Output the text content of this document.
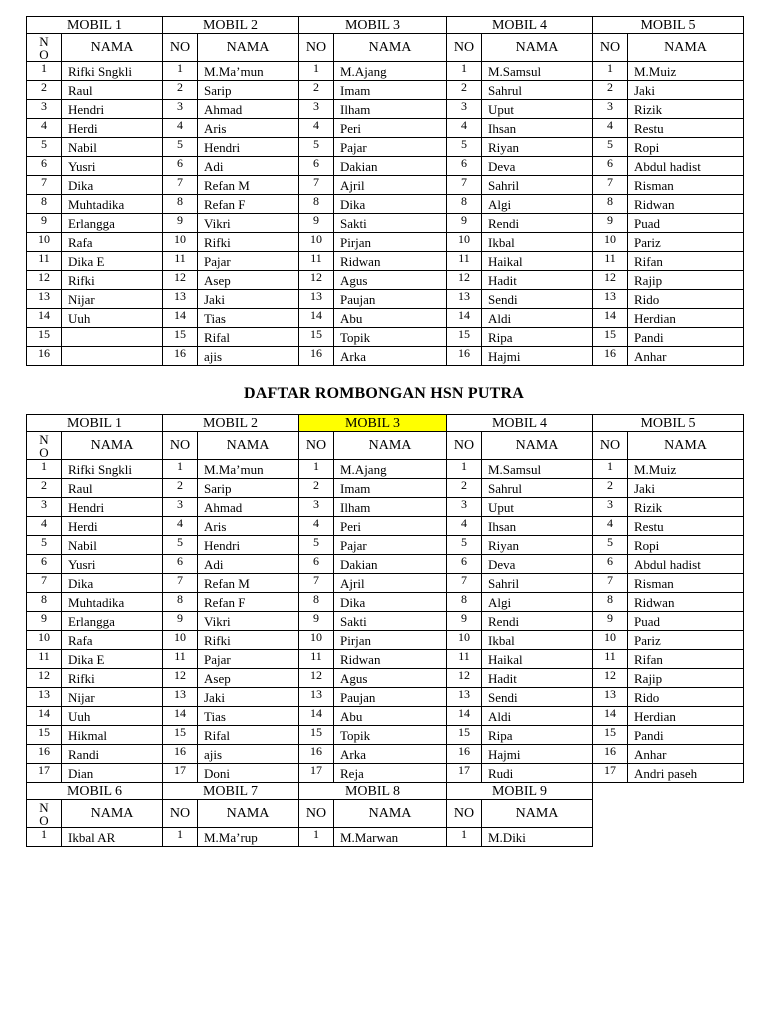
MOBIL 1		MOBIL 2		MOBIL 3		MOBIL 4		MOBIL 5	

N
O	NAMA	NO	NAMA	NO	NAMA	NO	NAMA	NO	NAMA
1	Rifki Sngkli	1	M.Ma’mun	1	M.Ajang	1	M.Samsul	1	M.Muiz
2	Raul	2	Sarip	2	Imam	2	Sahrul	2	Jaki
3	Hendri	3	Ahmad	3	Ilham	3	Uput	3	Rizik
4	Herdi	4	Aris	4	Peri	4	Ihsan	4	Restu
5	Nabil	5	Hendri	5	Pajar	5	Riyan	5	Ropi
6	Yusri	6	Adi	6	Dakian	6	Deva	6	Abdul hadist
7	Dika	7	Refan M	7	Ajril	7	Sahril	7	Risman
8	Muhtadika	8	Refan F	8	Dika	8	Algi	8	Ridwan
9	Erlangga	9	Vikri	9	Sakti	9	Rendi	9	Puad
10	Rafa	10	Rifki	10	Pirjan	10	Ikbal	10	Pariz
11	Dika E	11	Pajar	11	Ridwan	11	Haikal	11	Rifan
12	Rifki	12	Asep	12	Agus	12	Hadit	12	Rajip
13	Nijar	13	Jaki	13	Paujan	13	Sendi	13	Rido
14	Uuh	14	Tias	14	Abu	14	Aldi	14	Herdian
15		15	Rifal	15	Topik	15	Ripa	15	Pandi
16		16	ajis	16	Arka	16	Hajmi	16	Anhar
DAFTAR ROMBONGAN HSN PUTRA
MOBIL 1		MOBIL 2		MOBIL 3		MOBIL 4		MOBIL 5	

N
O	NAMA	NO	NAMA	NO	NAMA	NO	NAMA	NO	NAMA
1	Rifki Sngkli	1	M.Ma’mun	1	M.Ajang	1	M.Samsul	1	M.Muiz
2	Raul	2	Sarip	2	Imam	2	Sahrul	2	Jaki
3	Hendri	3	Ahmad	3	Ilham	3	Uput	3	Rizik
4	Herdi	4	Aris	4	Peri	4	Ihsan	4	Restu
5	Nabil	5	Hendri	5	Pajar	5	Riyan	5	Ropi
6	Yusri	6	Adi	6	Dakian	6	Deva	6	Abdul hadist
7	Dika	7	Refan M	7	Ajril	7	Sahril	7	Risman
8	Muhtadika	8	Refan F	8	Dika	8	Algi	8	Ridwan
9	Erlangga	9	Vikri	9	Sakti	9	Rendi	9	Puad
10	Rafa	10	Rifki	10	Pirjan	10	Ikbal	10	Pariz
11	Dika E	11	Pajar	11	Ridwan	11	Haikal	11	Rifan
12	Rifki	12	Asep	12	Agus	12	Hadit	12	Rajip
13	Nijar	13	Jaki	13	Paujan	13	Sendi	13	Rido
14	Uuh	14	Tias	14	Abu	14	Aldi	14	Herdian
15	Hikmal	15	Rifal	15	Topik	15	Ripa	15	Pandi
16	Randi	16	ajis	16	Arka	16	Hajmi	16	Anhar
17	Dian	17	Doni	17	Reja	17	Rudi	17	Andri paseh
MOBIL 6		MOBIL 7		MOBIL 8		MOBIL 9			

N
O	NAMA	NO	NAMA	NO	NAMA	NO	NAMA		
1	Ikbal AR	1	M.Ma’rup	1	M.Marwan	1	M.Diki		
